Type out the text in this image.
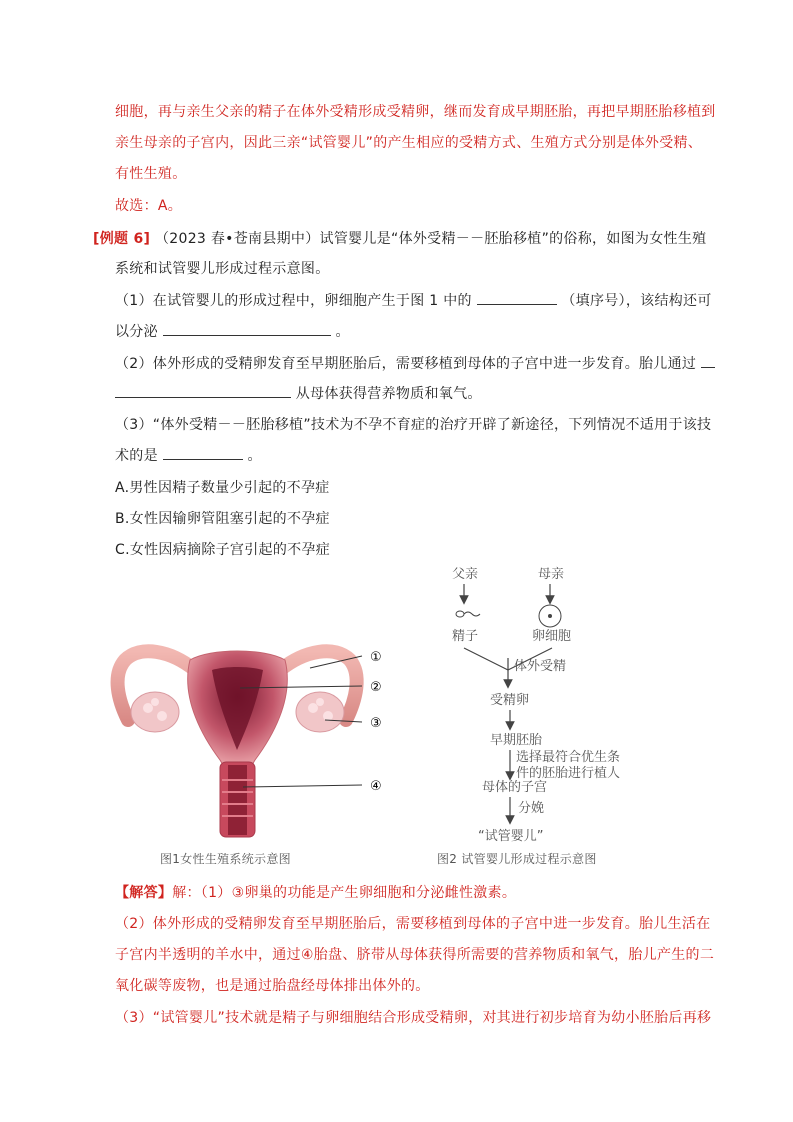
细胞，再与亲生父亲的精子在体外受精形成受精卵，继而发育成早期胚胎，再把早期胚胎移植到
亲生母亲的子宫内，因此三亲“试管婴儿”的产生相应的受精方式、生殖方式分别是体外受精、
有性生殖。
故选：A。
[例题 6] （2023 春•苍南县期中）试管婴儿是“体外受精－－胚胎移植”的俗称，如图为女性生殖
系统和试管婴儿形成过程示意图。
（1）在试管婴儿的形成过程中，卵细胞产生于图 1 中的	（填序号），该结构还可
以分泌	。
（2）体外形成的受精卵发育至早期胚胎后，需要移植到母体的子宫中进一步发育。胎儿通过
从母体获得营养物质和氧气。
（3）“体外受精－－胚胎移植”技术为不孕不育症的治疗开辟了新途径，下列情况不适用于该技
术的是	。
A.男性因精子数量少引起的不孕症
B.女性因输卵管阻塞引起的不孕症
C.女性因病摘除子宫引起的不孕症
①
②
③
④
图1女性生殖系统示意图
父亲	母亲
精子	卵细胞
体外受精
受精卵
早期胚胎
选择最符合优生条
件的胚胎进行植人
母体的子宫
分娩
“试管婴儿”
图2 试管婴儿形成过程示意图
【解答】解：（1）③卵巢的功能是产生卵细胞和分泌雌性激素。
（2）体外形成的受精卵发育至早期胚胎后，需要移植到母体的子宫中进一步发育。胎儿生活在
子宫内半透明的羊水中，通过④胎盘、脐带从母体获得所需要的营养物质和氧气，胎儿产生的二
氧化碳等废物，也是通过胎盘经母体排出体外的。
（3）“试管婴儿”技术就是精子与卵细胞结合形成受精卵，对其进行初步培育为幼小胚胎后再移
